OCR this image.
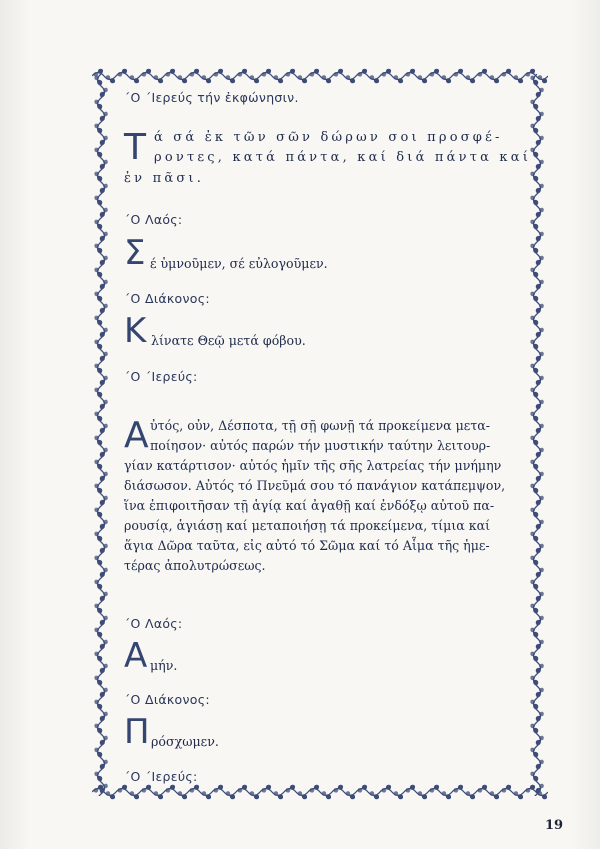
´Ο ΄Ιερεύς τήν ἐκφώνησιν.
Τ ά σά ἐκ τῶν σῶν δώρων σοι προσφέ-
ροντες, κατά πάντα, καί διά πάντα καί
ἐν πᾶσι.
´Ο Λαός:
Σ έ ὑμνοῦμεν, σέ εὐλογοῦμεν.
´Ο Διάκονος:
Κ λίνατε Θεῷ μετά φόβου.
´Ο ΄Ιερεύς:
Α ὐτός, οὐν, Δέσποτα, τῇ σῇ φωνῇ τά προκείμενα μετα-
ποίησον· αὐτός παρών τήν μυστικήν ταύτην λειτουρ-
γίαν κατάρτισον· αὐτός ἡμῖν τῆς σῆς λατρείας τήν μνήμην
διάσωσον. Αὐτός τό Πνεῦμά σου τό πανάγιον κατάπεμψον,
ἵνα ἐπιφοιτῆσαν τῇ ἁγίᾳ καί ἀγαθῇ καί ἐνδόξῳ αὐτοῦ πα-
ρουσίᾳ, ἁγιάσῃ καί μεταποιήσῃ τά προκείμενα, τίμια καί
ἅγια Δῶρα ταῦτα, εἰς αὐτό τό Σῶμα καί τό Αἷμα τῆς ἡμε-
τέρας ἀπολυτρώσεως.
´Ο Λαός:
Α μήν.
´Ο Διάκονος:
Π ρόσχωμεν.
´Ο ΄Ιερεύς:
19
